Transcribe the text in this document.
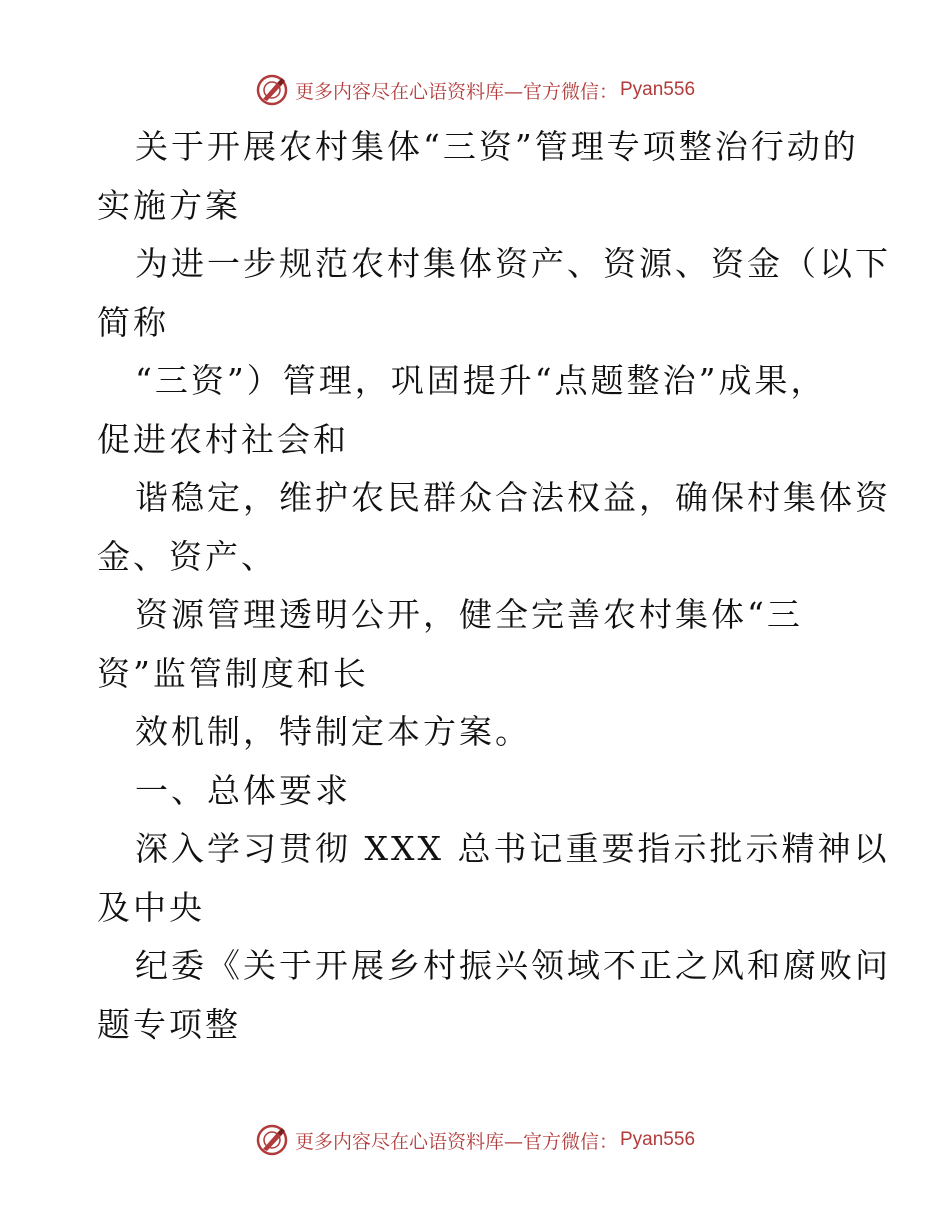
更多内容尽在心语资料库—官方微信： Pyan556
关于开展农村集体“三资”管理专项整治行动的
实施方案
为进一步规范农村集体资产、资源、资金（以下
简称
“三资”）管理，巩固提升“点题整治”成果，
促进农村社会和
谐稳定，维护农民群众合法权益，确保村集体资
金、资产、
资源管理透明公开，健全完善农村集体“三
资”监管制度和长
效机制，特制定本方案。
一、总体要求
深入学习贯彻 XXX 总书记重要指示批示精神以
及中央
纪委《关于开展乡村振兴领域不正之风和腐败问
题专项整
更多内容尽在心语资料库—官方微信： Pyan556
